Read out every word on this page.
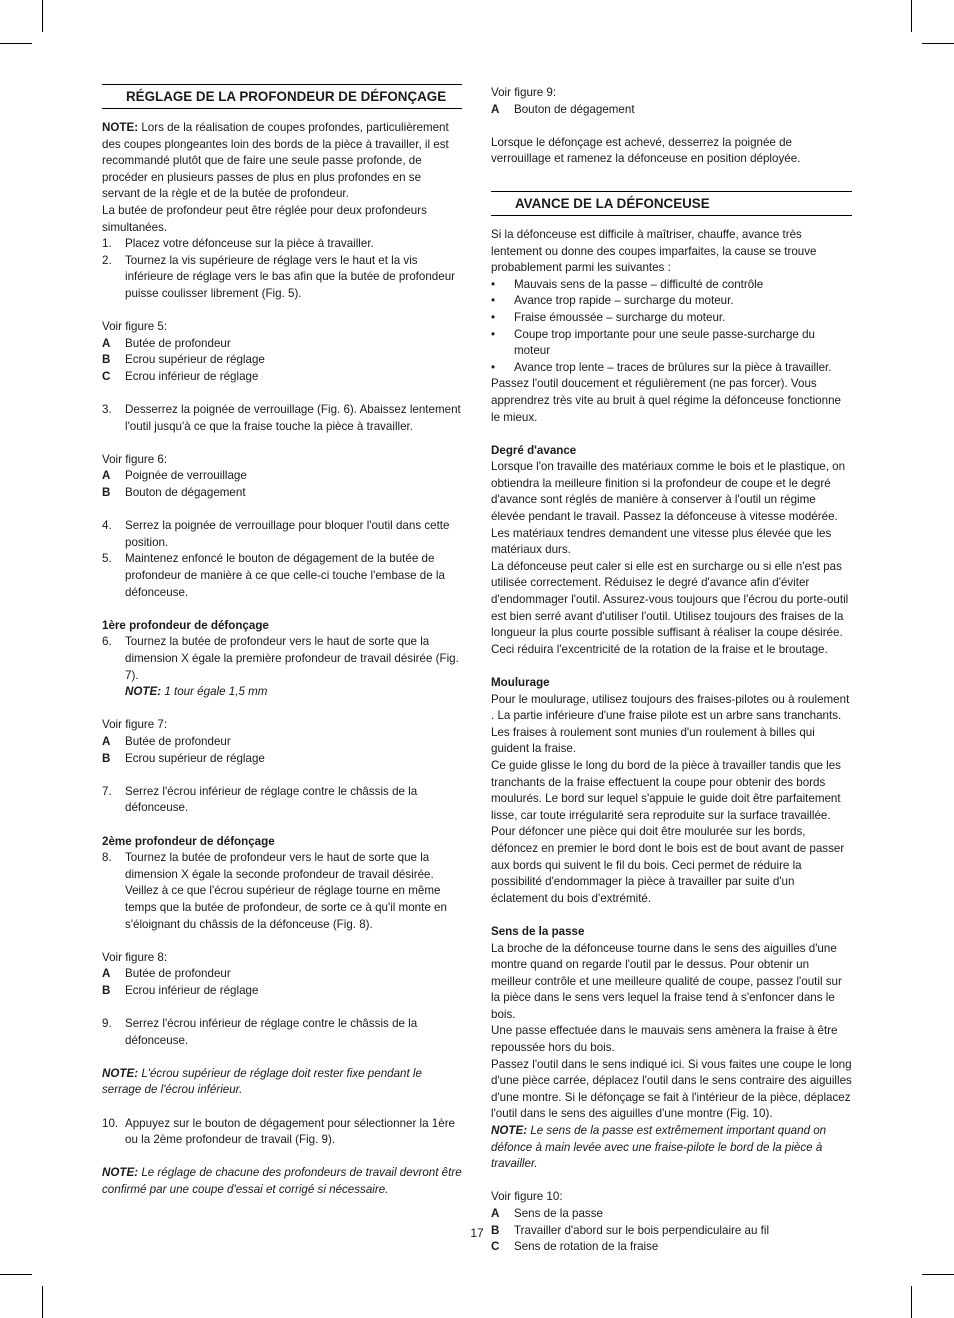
RÉGLAGE DE LA PROFONDEUR DE DÉFONÇAGE

NOTE: Lors de la réalisation de coupes profondes, particulièrement des coupes plongeantes loin des bords de la pièce à travailler, il est recommandé plutôt que de faire une seule passe profonde, de procéder en plusieurs passes de plus en plus profondes en se servant de la règle et de la butée de profondeur.

La butée de profondeur peut être réglée pour deux profondeurs simultanées.

1. Placez votre défonceuse sur la pièce à travailler.
2. Tournez la vis supérieure de réglage vers le haut et la vis inférieure de réglage vers le bas afin que la butée de profondeur puisse coulisser librement (Fig. 5).

Voir figure 5:

A Butée de profondeur
B Ecrou supérieur de réglage
C Ecrou inférieur de réglage
3. Desserrez la poignée de verrouillage (Fig. 6). Abaissez lentement l'outil jusqu'à ce que la fraise touche la pièce à travailler.

Voir figure 6:

A Poignée de verrouillage
B Bouton de dégagement
4. Serrez la poignée de verrouillage pour bloquer l'outil dans cette position.
5. Maintenez enfoncé le bouton de dégagement de la butée de profondeur de manière à ce que celle-ci touche l'embase de la défonceuse.

1ère profondeur de défonçage

6. Tournez la butée de profondeur vers le haut de sorte que la dimension X égale la première profondeur de travail désirée (Fig. 7).

NOTE: 1 tour égale 1,5 mm

Voir figure 7:

A Butée de profondeur
B Ecrou supérieur de réglage
7. Serrez l'écrou inférieur de réglage contre le châssis de la défonceuse.

2ème profondeur de défonçage

8. Tournez la butée de profondeur vers le haut de sorte que la dimension X égale la seconde profondeur de travail désirée. Veillez à ce que l'écrou supérieur de réglage tourne en même temps que la butée de profondeur, de sorte ce à qu'il monte en s'éloignant du châssis de la défonceuse (Fig. 8).

Voir figure 8:

A Butée de profondeur
B Ecrou inférieur de réglage
9. Serrez l'écrou inférieur de réglage contre le châssis de la défonceuse.

NOTE: L'écrou supérieur de réglage doit rester fixe pendant le serrage de l'écrou inférieur.

10. Appuyez sur le bouton de dégagement pour sélectionner la 1ère ou la 2ème profondeur de travail (Fig. 9).

NOTE: Le réglage de chacune des profondeurs de travail devront être confirmé par une coupe d'essai et corrigé si nécessaire.

Voir figure 9:

A Bouton de dégagement

Lorsque le défonçage est achevé, desserrez la poignée de verrouillage et ramenez la défonceuse en position déployée.

AVANCE DE LA DÉFONCEUSE

Si la défonceuse est difficile à maîtriser, chauffe, avance très lentement ou donne des coupes imparfaites, la cause se trouve probablement parmi les suivantes :

• Mauvais sens de la passe – difficulté de contrôle
• Avance trop rapide – surcharge du moteur.
• Fraise émoussée – surcharge du moteur.
• Coupe trop importante pour une seule passe-surcharge du moteur
• Avance trop lente – traces de brûlures sur la pièce à travailler.

Passez l'outil doucement et régulièrement (ne pas forcer). Vous apprendrez très vite au bruit à quel régime la défonceuse fonctionne le mieux.

Degré d'avance

Lorsque l'on travaille des matériaux comme le bois et le plastique, on obtiendra la meilleure finition si la profondeur de coupe et le degré d'avance sont réglés de manière à conserver à l'outil un régime élevée pendant le travail. Passez la défonceuse à vitesse modérée. Les matériaux tendres demandent une vitesse plus élevée que les matériaux durs.

La défonceuse peut caler si elle est en surcharge ou si elle n'est pas utilisée correctement. Réduisez le degré d'avance afin d'éviter d'endommager l'outil. Assurez-vous toujours que l'écrou du porte-outil est bien serré avant d'utiliser l'outil. Utilisez toujours des fraises de la longueur la plus courte possible suffisant à réaliser la coupe désirée. Ceci réduira l'excentricité de la rotation de la fraise et le broutage.

Moulurage

Pour le moulurage, utilisez toujours des fraises-pilotes ou à roulement . La partie inférieure d'une fraise pilote est un arbre sans tranchants. Les fraises à roulement sont munies d'un roulement à billes qui guident la fraise.

Ce guide glisse le long du bord de la pièce à travailler tandis que les tranchants de la fraise effectuent la coupe pour obtenir des bords moulurés. Le bord sur lequel s'appuie le guide doit être parfaitement lisse, car toute irrégularité sera reproduite sur la surface travaillée.

Pour défoncer une pièce qui doit être moulurée sur les bords, défoncez en premier le bord dont le bois est de bout avant de passer aux bords qui suivent le fil du bois. Ceci permet de réduire la possibilité d'endommager la pièce à travailler par suite d'un éclatement du bois d'extrémité.

Sens de la passe

La broche de la défonceuse tourne dans le sens des aiguilles d'une montre quand on regarde l'outil par le dessus. Pour obtenir un meilleur contrôle et une meilleure qualité de coupe, passez l'outil sur la pièce dans le sens vers lequel la fraise tend à s'enfoncer dans le bois.

Une passe effectuée dans le mauvais sens amènera la fraise à être repoussée hors du bois.

Passez l'outil dans le sens indiqué ici. Si vous faites une coupe le long d'une pièce carrée, déplacez l'outil dans le sens contraire des aiguilles d'une montre. Si le défonçage se fait à l'intérieur de la pièce, déplacez l'outil dans le sens des aiguilles d'une montre (Fig. 10).

NOTE: Le sens de la passe est extrêmement important quand on défonce à main levée avec une fraise-pilote le bord de la pièce à travailler.

Voir figure 10:

A Sens de la passe
B Travailler d'abord sur le bois perpendiculaire au fil
C Sens de rotation de la fraise
17
